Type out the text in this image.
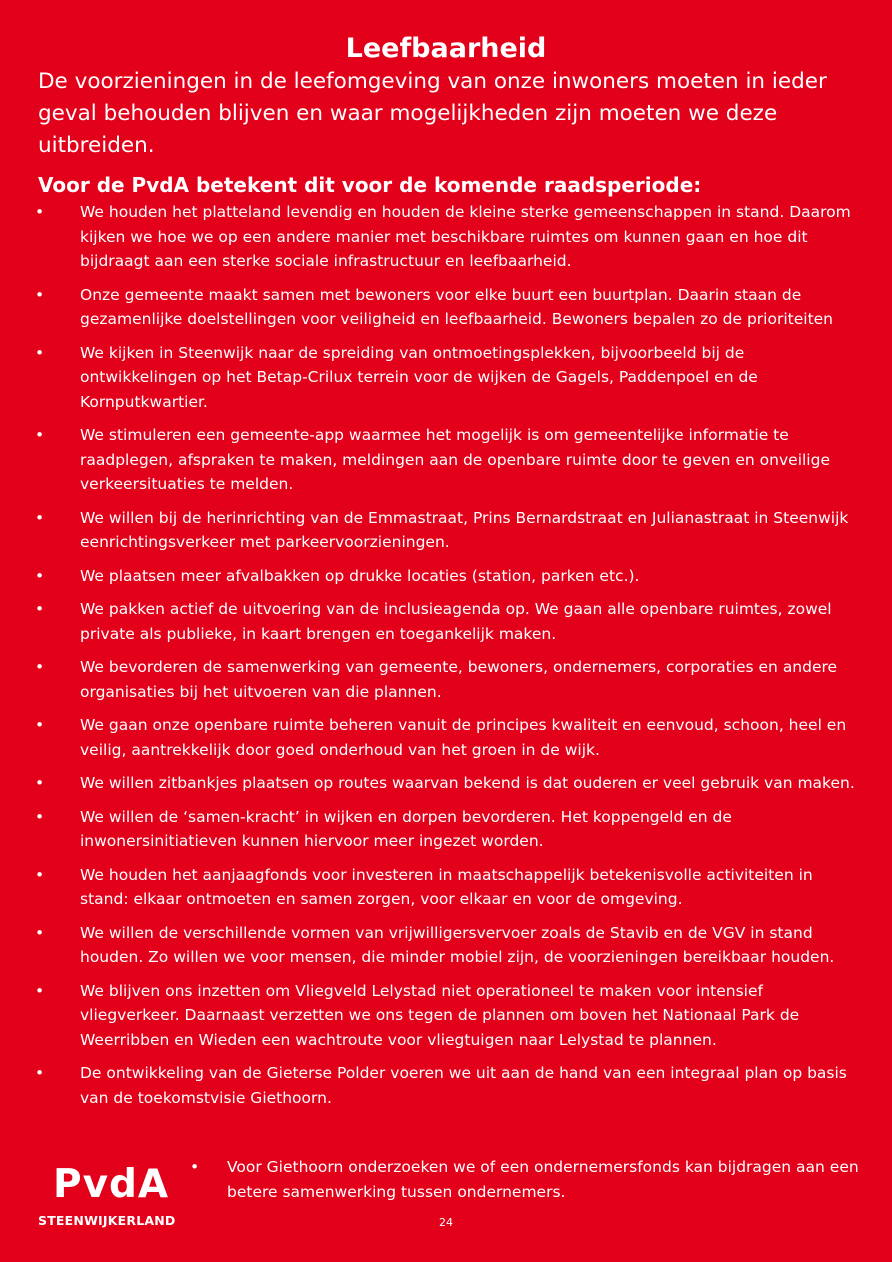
Leefbaarheid

De voorzieningen in de leefomgeving van onze inwoners moeten in ieder geval behouden blijven en waar mogelijkheden zijn moeten we deze uitbreiden.

Voor de PvdA betekent dit voor de komende raadsperiode:

• We houden het platteland levendig en houden de kleine sterke gemeenschappen in stand. Daarom kijken we hoe we op een andere manier met beschikbare ruimtes om kunnen gaan en hoe dit bijdraagt aan een sterke sociale infrastructuur en leefbaarheid.
• Onze gemeente maakt samen met bewoners voor elke buurt een buurtplan. Daarin staan de gezamenlijke doelstellingen voor veiligheid en leefbaarheid. Bewoners bepalen zo de prioriteiten
• We kijken in Steenwijk naar de spreiding van ontmoetingsplekken, bijvoorbeeld bij de ontwikkelingen op het Betap-Crilux terrein voor de wijken de Gagels, Paddenpoel en de Kornputkwartier.
• We stimuleren een gemeente-app waarmee het mogelijk is om gemeentelijke informatie te raadplegen, afspraken te maken, meldingen aan de openbare ruimte door te geven en onveilige verkeersituaties te melden.
• We willen bij de herinrichting van de Emmastraat, Prins Bernardstraat en Julianastraat in Steenwijk eenrichtingsverkeer met parkeervoorzieningen.
• We plaatsen meer afvalbakken op drukke locaties (station, parken etc.).
• We pakken actief de uitvoering van de inclusieagenda op. We gaan alle openbare ruimtes, zowel private als publieke, in kaart brengen en toegankelijk maken.
• We bevorderen de samenwerking van gemeente, bewoners, ondernemers, corporaties en andere organisaties bij het uitvoeren van die plannen.
• We gaan onze openbare ruimte beheren vanuit de principes kwaliteit en eenvoud, schoon, heel en veilig, aantrekkelijk door goed onderhoud van het groen in de wijk.
• We willen zitbankjes plaatsen op routes waarvan bekend is dat ouderen er veel gebruik van maken.
• We willen de ‘samen-kracht’ in wijken en dorpen bevorderen. Het koppengeld en de inwonersinitiatieven kunnen hiervoor meer ingezet worden.
• We houden het aanjaagfonds voor investeren in maatschappelijk betekenisvolle activiteiten in stand: elkaar ontmoeten en samen zorgen, voor elkaar en voor de omgeving.
• We willen de verschillende vormen van vrijwilligersvervoer zoals de Stavib en de VGV in stand houden. Zo willen we voor mensen, die minder mobiel zijn, de voorzieningen bereikbaar houden.
• We blijven ons inzetten om Vliegveld Lelystad niet operationeel te maken voor intensief vliegverkeer. Daarnaast verzetten we ons tegen de plannen om boven het Nationaal Park de Weerribben en Wieden een wachtroute voor vliegtuigen naar Lelystad te plannen.
• De ontwikkeling van de Gieterse Polder voeren we uit aan de hand van een integraal plan op basis van de toekomstvisie Giethoorn.
PvdA
STEENWIJKERLAND
• Voor Giethoorn onderzoeken we of een ondernemersfonds kan bijdragen aan een betere samenwerking tussen ondernemers.
24
